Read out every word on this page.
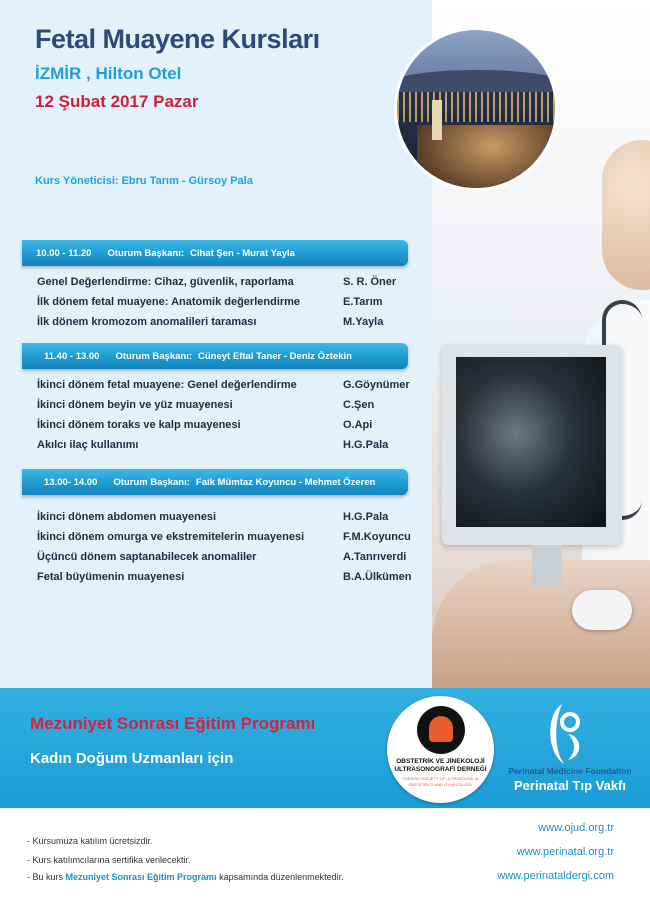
Fetal Muayene Kursları
İZMİR , Hilton Otel
12 Şubat 2017 Pazar
Kurs Yöneticisi: Ebru Tarım - Gürsoy Pala
10.00 - 11.20 Oturum Başkanı: Cihat Şen - Murat Yayla
Genel Değerlendirme: Cihaz, güvenlik, raporlama	S. R. Öner
İlk dönem fetal muayene: Anatomik değerlendirme	E.Tarım
İlk dönem kromozom anomalileri taraması	M.Yayla
11.40 - 13.00 Oturum Başkanı: Cüneyt Eftal Taner - Deniz Öztekin
İkinci dönem fetal muayene: Genel değerlendirme	G.Göynümer
İkinci dönem beyin ve yüz muayenesi	C.Şen
İkinci dönem toraks ve kalp muayenesi	O.Api
Akılcı ilaç kullanımı	H.G.Pala
13.00- 14.00 Oturum Başkanı: Faik Mümtaz Koyuncu - Mehmet Özeren
İkinci dönem abdomen muayenesi	H.G.Pala
İkinci dönem omurga ve ekstremitelerin muayenesi	F.M.Koyuncu
Üçüncü dönem saptanabilecek anomaliler	A.Tanrıverdi
Fetal büyümenin muayenesi	B.A.Ülkümen
Mezuniyet Sonrası Eğitim Programı
Kadın Doğum Uzmanları için	OBSTETRİK VE JİNEKOLOJİ
ULTRASONOGRAFİ DERNEĞİ
TURKISH SOCIETY OF ULTRASOUND IN
OBSTETRICS AND GYNECOLOGY
Perinatal Medicine Foundation
Perinatal Tıp Vakfı
- Kursumuza katılım ücretsizdir.
- Kurs katılımcılarına sertifika verilecektir.
- Bu kurs Mezuniyet Sonrası Eğitim Programı kapsamında düzenlenmektedir.
www.ojud.org.tr
www.perinatal.org.tr
www.perinataldergi.com
